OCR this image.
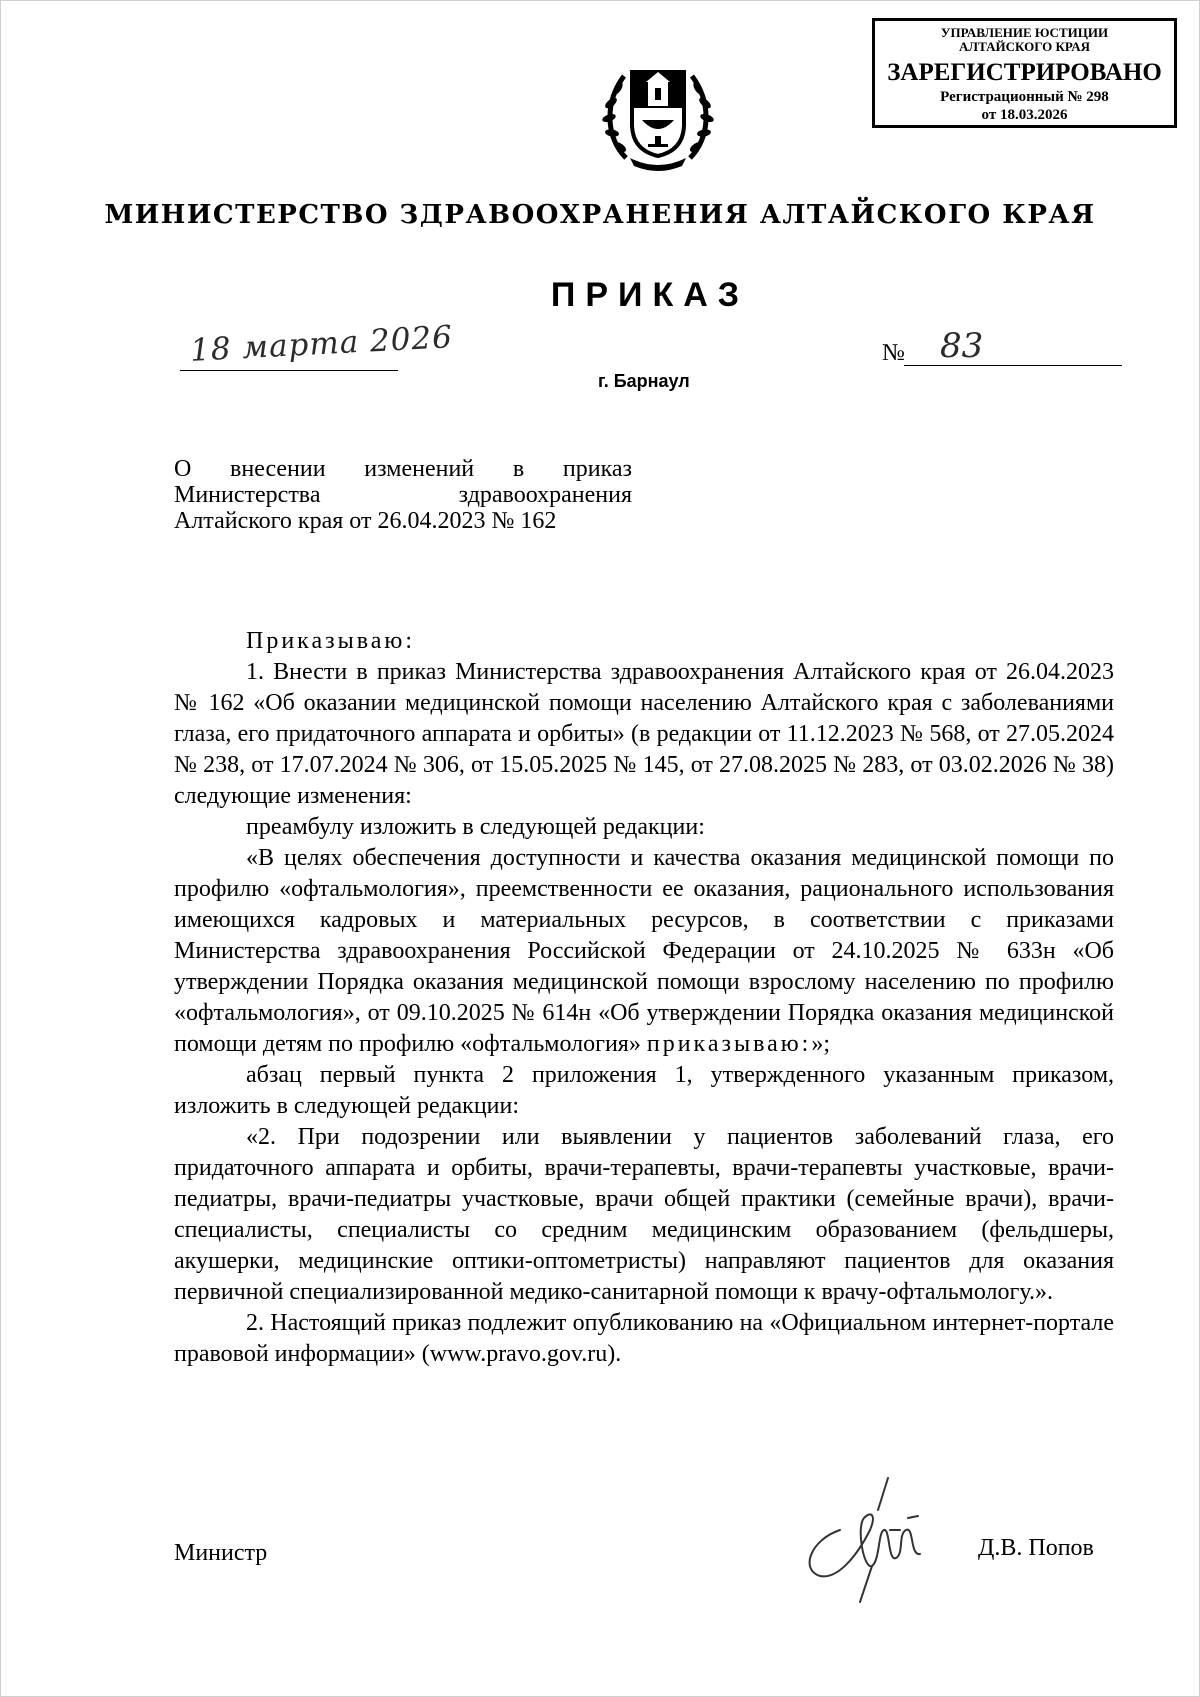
УПРАВЛЕНИЕ ЮСТИЦИИ
АЛТАЙСКОГО КРАЯ
ЗАРЕГИСТРИРОВАНО
Регистрационный № 298
от 18.03.2026
МИНИСТЕРСТВО ЗДРАВООХРАНЕНИЯ АЛТАЙСКОГО КРАЯ
ПРИКАЗ
18 марта 2026
г. Барнаул
№ 83
О внесении изменений в приказ
Министерства здравоохранения
Алтайского края от 26.04.2023 № 162

Приказываю:

1. Внести в приказ Министерства здравоохранения Алтайского края от 26.04.2023 № 162 «Об оказании медицинской помощи населению Алтайского края с заболеваниями глаза, его придаточного аппарата и орбиты» (в редакции от 11.12.2023 № 568, от 27.05.2024 № 238, от 17.07.2024 № 306, от 15.05.2025 № 145, от 27.08.2025 № 283, от 03.02.2026 № 38) следующие изменения:

преамбулу изложить в следующей редакции:

«В целях обеспечения доступности и качества оказания медицинской помощи по профилю «офтальмология», преемственности ее оказания, рационального использования имеющихся кадровых и материальных ресурсов, в соответствии с приказами Министерства здравоохранения Российской Федерации от 24.10.2025 № 633н «Об утверждении Порядка оказания медицинской помощи взрослому населению по профилю «офтальмология», от 09.10.2025 № 614н «Об утверждении Порядка оказания медицинской помощи детям по профилю «офтальмология» приказываю:»;

абзац первый пункта 2 приложения 1, утвержденного указанным приказом, изложить в следующей редакции:

«2. При подозрении или выявлении у пациентов заболеваний глаза, его придаточного аппарата и орбиты, врачи-терапевты, врачи-терапевты участковые, врачи-педиатры, врачи-педиатры участковые, врачи общей практики (семейные врачи), врачи-специалисты, специалисты со средним медицинским образованием (фельдшеры, акушерки, медицинские оптики-оптометристы) направляют пациентов для оказания первичной специализированной медико-санитарной помощи к врачу-офтальмологу.».

2. Настоящий приказ подлежит опубликованию на «Официальном интернет-портале правовой информации» (www.pravo.gov.ru).

Министр	Д.В. Попов
